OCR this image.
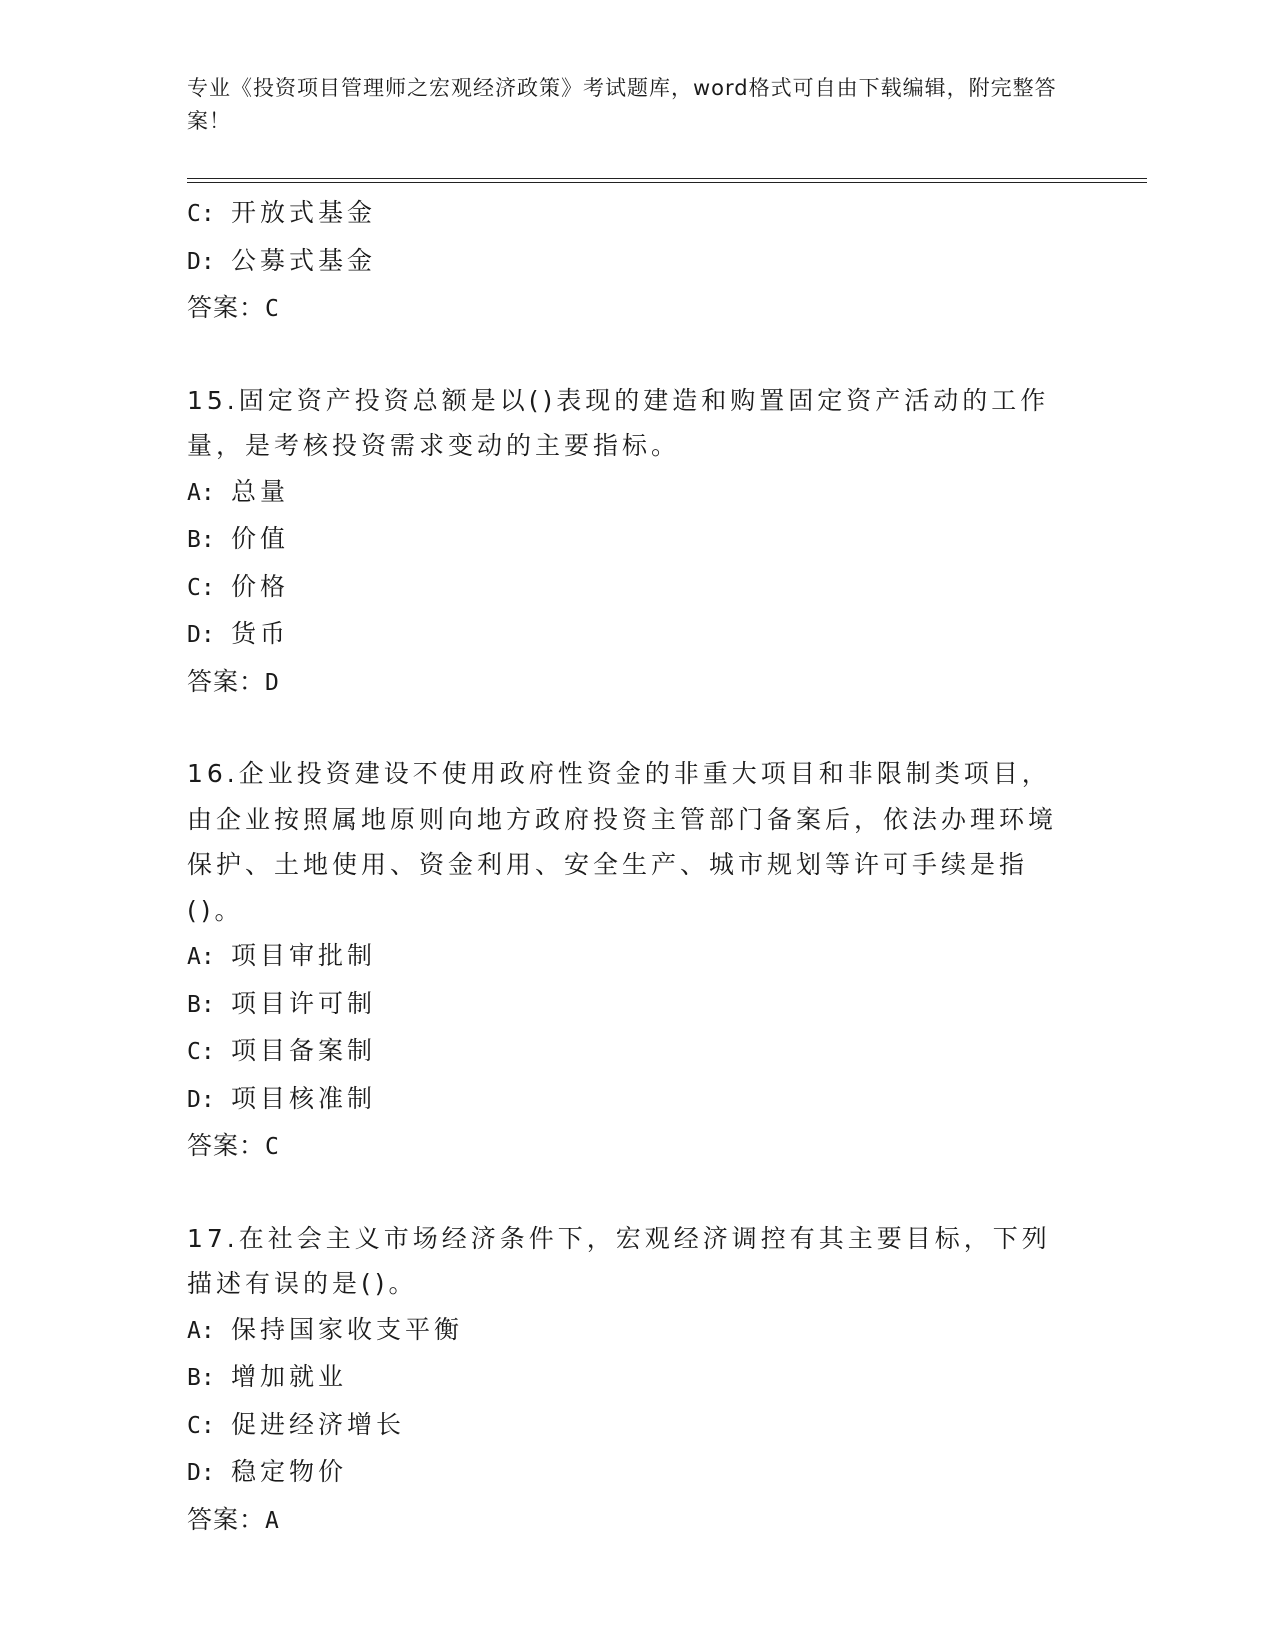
专业《投资项目管理师之宏观经济政策》考试题库，word格式可自由下载编辑，附完整答案！
C: 开放式基金
D: 公募式基金
答案：C
15.固定资产投资总额是以()表现的建造和购置固定资产活动的工作量，是考核投资需求变动的主要指标。
A: 总量
B: 价值
C: 价格
D: 货币
答案：D
16.企业投资建设不使用政府性资金的非重大项目和非限制类项目，由企业按照属地原则向地方政府投资主管部门备案后，依法办理环境保护、土地使用、资金利用、安全生产、城市规划等许可手续是指()。
A: 项目审批制
B: 项目许可制
C: 项目备案制
D: 项目核准制
答案：C
17.在社会主义市场经济条件下，宏观经济调控有其主要目标，下列描述有误的是()。
A: 保持国家收支平衡
B: 增加就业
C: 促进经济增长
D: 稳定物价
答案：A
